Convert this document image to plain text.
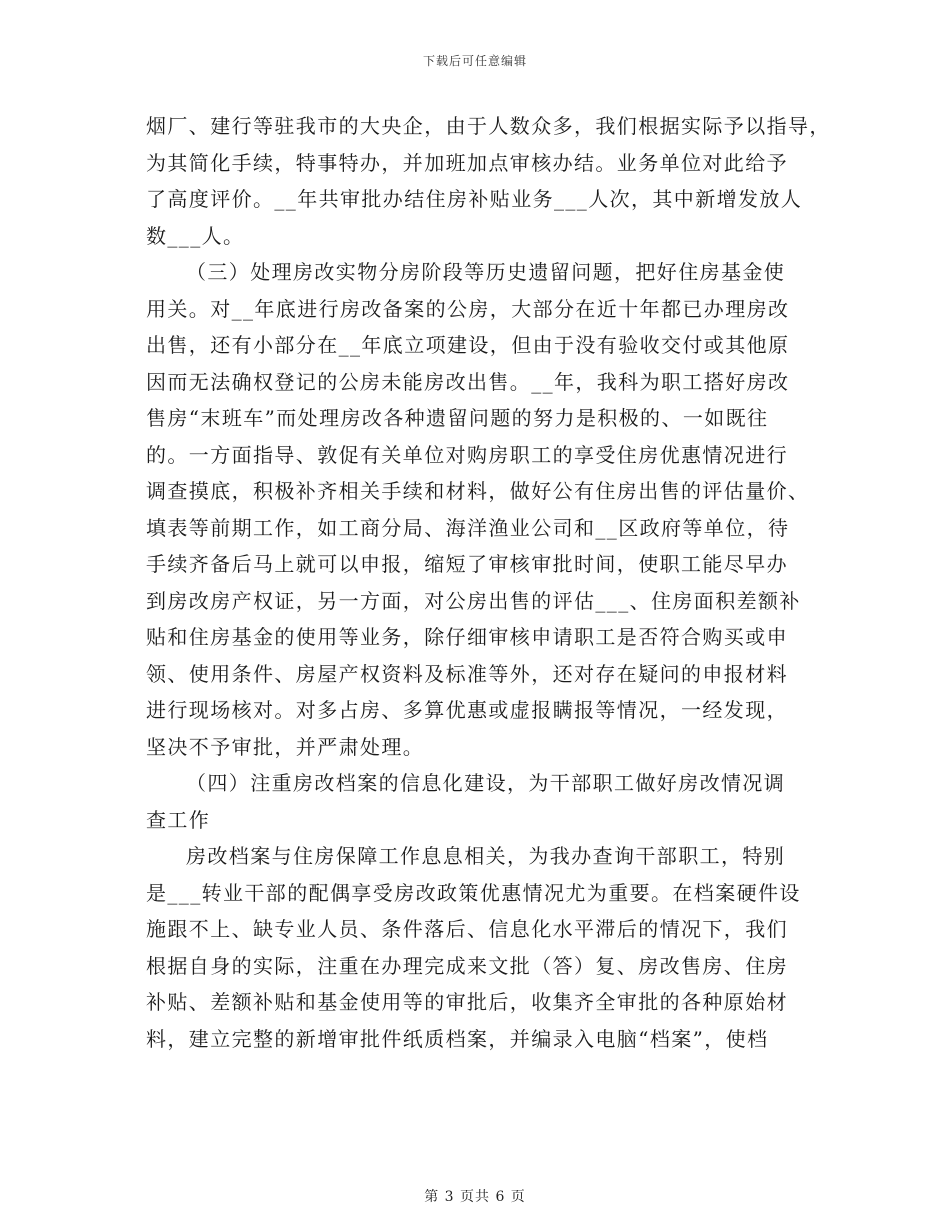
下载后可任意编辑
烟厂、建行等驻我市的大央企，由于人数众多，我们根据实际予以指导，
为其简化手续，特事特办，并加班加点审核办结。业务单位对此给予
了高度评价。__年共审批办结住房补贴业务___人次，其中新增发放人
数___人。
（三）处理房改实物分房阶段等历史遗留问题，把好住房基金使
用关。对__年底进行房改备案的公房，大部分在近十年都已办理房改
出售，还有小部分在__年底立项建设，但由于没有验收交付或其他原
因而无法确权登记的公房未能房改出售。__年，我科为职工搭好房改
售房“末班车”而处理房改各种遗留问题的努力是积极的、一如既往
的。一方面指导、敦促有关单位对购房职工的享受住房优惠情况进行
调查摸底，积极补齐相关手续和材料，做好公有住房出售的评估量价、
填表等前期工作，如工商分局、海洋渔业公司和__区政府等单位，待
手续齐备后马上就可以申报，缩短了审核审批时间，使职工能尽早办
到房改房产权证，另一方面，对公房出售的评估___、住房面积差额补
贴和住房基金的使用等业务，除仔细审核申请职工是否符合购买或申
领、使用条件、房屋产权资料及标准等外，还对存在疑问的申报材料
进行现场核对。对多占房、多算优惠或虚报瞒报等情况，一经发现，
坚决不予审批，并严肃处理。
（四）注重房改档案的信息化建设，为干部职工做好房改情况调
查工作
房改档案与住房保障工作息息相关，为我办查询干部职工，特别
是___转业干部的配偶享受房改政策优惠情况尤为重要。在档案硬件设
施跟不上、缺专业人员、条件落后、信息化水平滞后的情况下，我们
根据自身的实际，注重在办理完成来文批（答）复、房改售房、住房
补贴、差额补贴和基金使用等的审批后，收集齐全审批的各种原始材
料，建立完整的新增审批件纸质档案，并编录入电脑“档案”，使档
第 3 页共 6 页
